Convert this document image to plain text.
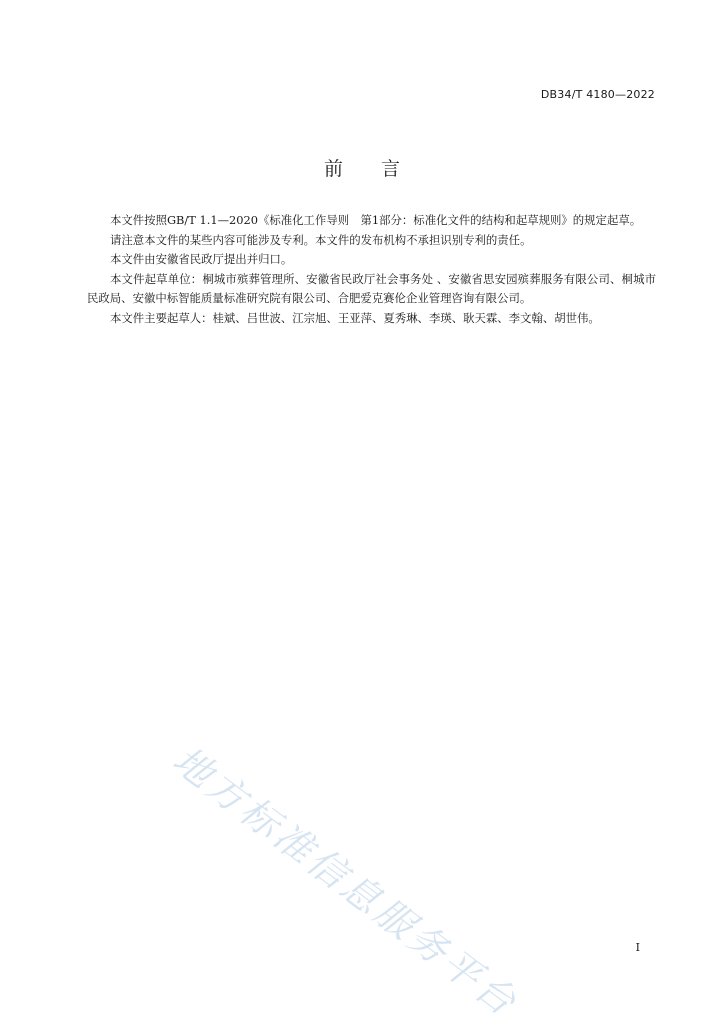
DB34/T 4180—2022
前言

本文件按照GB/T 1.1—2020《标准化工作导则　第1部分：标准化文件的结构和起草规则》的规定起草。

请注意本文件的某些内容可能涉及专利。本文件的发布机构不承担识别专利的责任。

本文件由安徽省民政厅提出并归口。

本文件起草单位：桐城市殡葬管理所、安徽省民政厅社会事务处 、安徽省思安园殡葬服务有限公司、桐城市民政局、安徽中标智能质量标准研究院有限公司、合肥爱克赛伦企业管理咨询有限公司。

本文件主要起草人：桂斌、吕世波、江宗旭、王亚萍、夏秀琳、李瑛、耿天霖、李文翰、胡世伟。

地方标准信息服务平台	I
